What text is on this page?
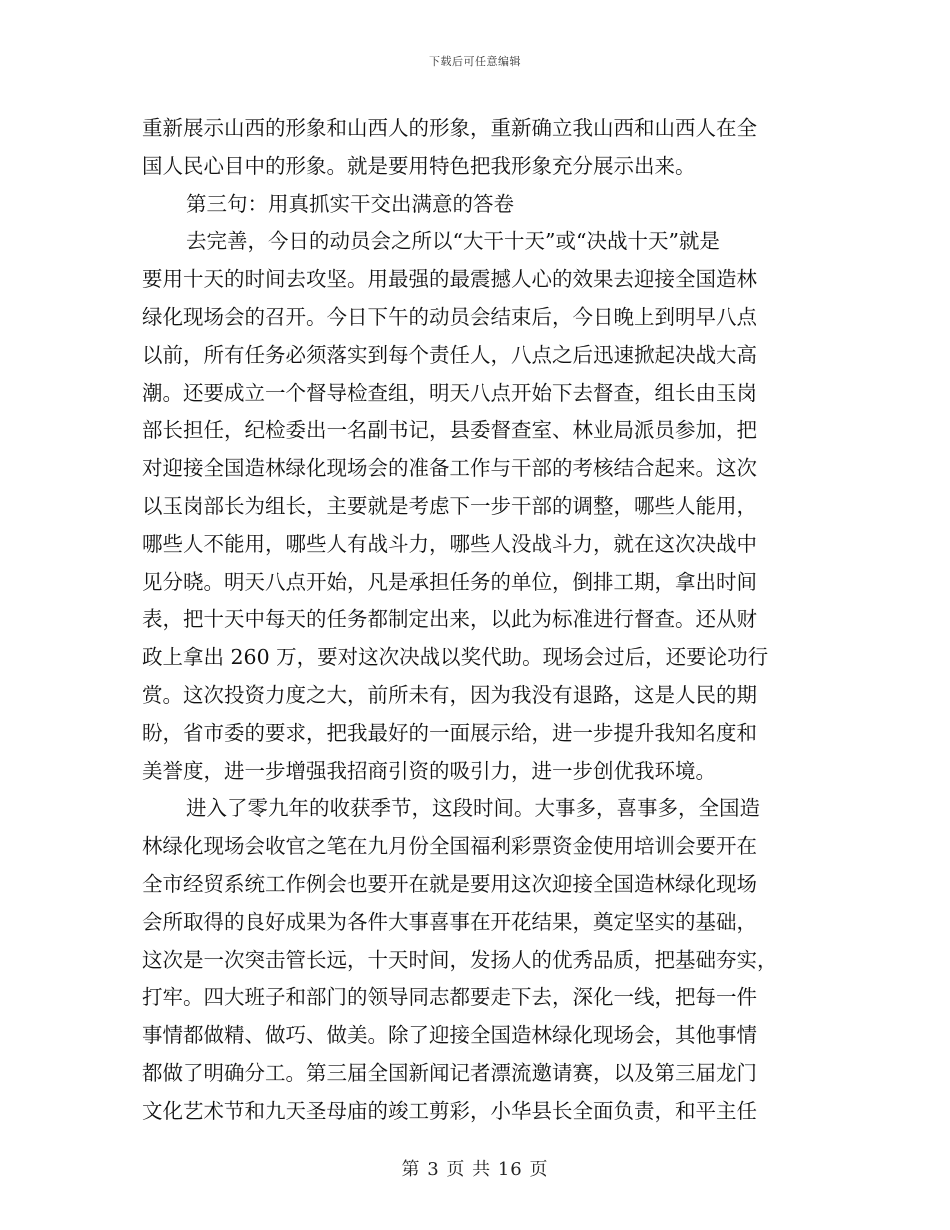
下载后可任意编辑
重新展示山西的形象和山西人的形象，重新确立我山西和山西人在全
国人民心目中的形象。就是要用特色把我形象充分展示出来。
第三句：用真抓实干交出满意的答卷
去完善，今日的动员会之所以“大干十天”或“决战十天”就是
要用十天的时间去攻坚。用最强的最震撼人心的效果去迎接全国造林
绿化现场会的召开。今日下午的动员会结束后，今日晚上到明早八点
以前，所有任务必须落实到每个责任人，八点之后迅速掀起决战大高
潮。还要成立一个督导检查组，明天八点开始下去督查，组长由玉岗
部长担任，纪检委出一名副书记，县委督查室、林业局派员参加，把
对迎接全国造林绿化现场会的准备工作与干部的考核结合起来。这次
以玉岗部长为组长，主要就是考虑下一步干部的调整，哪些人能用，
哪些人不能用，哪些人有战斗力，哪些人没战斗力，就在这次决战中
见分晓。明天八点开始，凡是承担任务的单位，倒排工期，拿出时间
表，把十天中每天的任务都制定出来，以此为标准进行督查。还从财
政上拿出 260 万，要对这次决战以奖代助。现场会过后，还要论功行
赏。这次投资力度之大，前所未有，因为我没有退路，这是人民的期
盼，省市委的要求，把我最好的一面展示给，进一步提升我知名度和
美誉度，进一步增强我招商引资的吸引力，进一步创优我环境。
进入了零九年的收获季节，这段时间。大事多，喜事多，全国造
林绿化现场会收官之笔在九月份全国福利彩票资金使用培训会要开在
全市经贸系统工作例会也要开在就是要用这次迎接全国造林绿化现场
会所取得的良好成果为各件大事喜事在开花结果，奠定坚实的基础，
这次是一次突击管长远，十天时间，发扬人的优秀品质，把基础夯实，
打牢。四大班子和部门的领导同志都要走下去，深化一线，把每一件
事情都做精、做巧、做美。除了迎接全国造林绿化现场会，其他事情
都做了明确分工。第三届全国新闻记者漂流邀请赛，以及第三届龙门
文化艺术节和九天圣母庙的竣工剪彩，小华县长全面负责，和平主任
第 3 页 共 16 页
